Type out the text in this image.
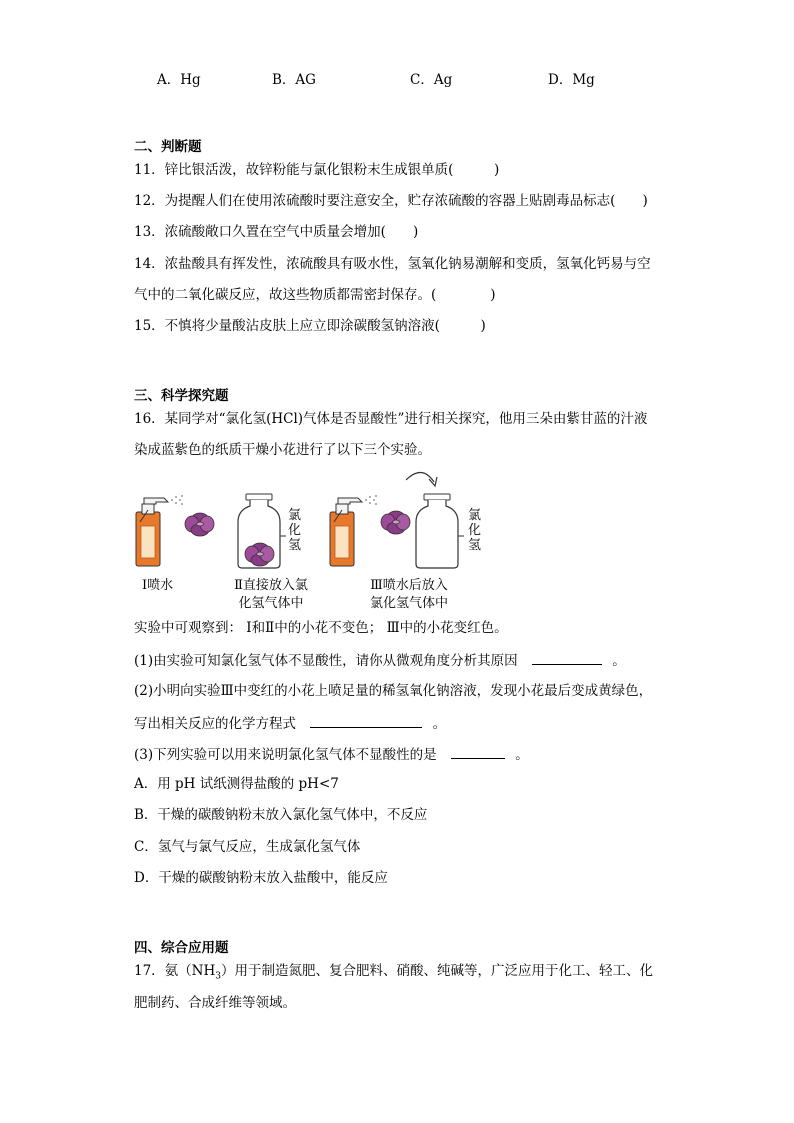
A．Hg	B．AG	C．Ag	D．Mg
二、判断题
11．锌比银活泼，故锌粉能与氯化银粉末生成银单质(　　　)
12．为提醒人们在使用浓硫酸时要注意安全，贮存浓硫酸的容器上贴剧毒品标志(　　)
13．浓硫酸敞口久置在空气中质量会增加(　　)
14．浓盐酸具有挥发性，浓硫酸具有吸水性，氢氧化钠易潮解和变质，氢氧化钙易与空
气中的二氧化碳反应，故这些物质都需密封保存。(　　　　)
15．不慎将少量酸沾皮肤上应立即涂碳酸氢钠溶液(　　　)
三、科学探究题
16．某同学对“氯化氢(HCl)气体是否显酸性”进行相关探究，他用三朵由紫甘蓝的汁液
染成蓝紫色的纸质干燥小花进行了以下三个实验。
氯化氢
氯化氢
Ⅰ喷水	Ⅱ直接放入氯
化氢气体中
Ⅲ喷水后放入
氯化氢气体中
实验中可观察到： Ⅰ和Ⅱ中的小花不变色； Ⅲ中的小花变红色。
(1)由实验可知氯化氢气体不显酸性，请你从微观角度分析其原因	。
(2)小明向实验Ⅲ中变红的小花上喷足量的稀氢氧化钠溶液，发现小花最后变成黄绿色，
写出相关反应的化学方程式	。
(3)下列实验可以用来说明氯化氢气体不显酸性的是	。
A．用 pH 试纸测得盐酸的 pH<7
B．干燥的碳酸钠粉末放入氯化氢气体中，不反应
C．氢气与氯气反应，生成氯化氢气体
D．干燥的碳酸钠粉末放入盐酸中，能反应
四、综合应用题
17．氨$(NH_3)$用于制造氮肥、复合肥料、硝酸、纯碱等，广泛应用于化工、轻工、化
肥制药、合成纤维等领域。
